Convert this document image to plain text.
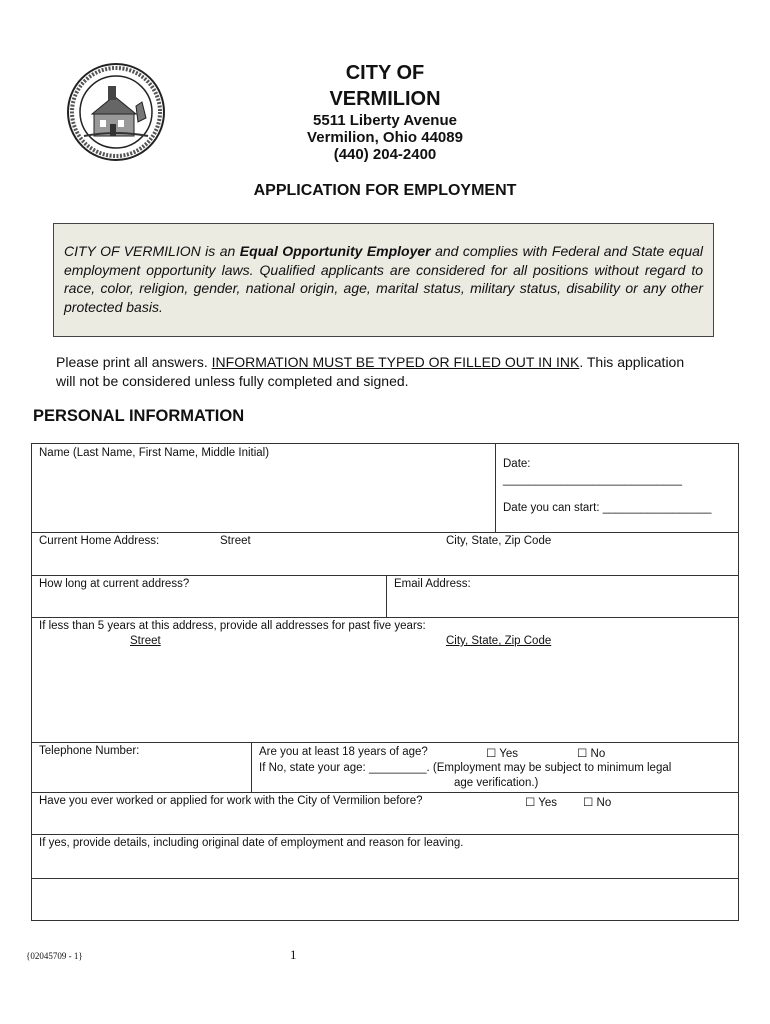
CITY OF
VERMILION
5511 Liberty Avenue
Vermilion, Ohio 44089
(440) 204-2400
APPLICATION FOR EMPLOYMENT
CITY OF VERMILION is an Equal Opportunity Employer and complies with Federal and State equal employment opportunity laws. Qualified applicants are considered for all positions without regard to race, color, religion, gender, national origin, age, marital status, military status, disability or any other protected basis.
Please print all answers. INFORMATION MUST BE TYPED OR FILLED OUT IN INK. This application will not be considered unless fully completed and signed.
PERSONAL INFORMATION
Name (Last Name, First Name, Middle Initial)
Date:
____________________________
Date you can start: _________________
Current Home Address:	Street	City, State, Zip Code
How long at current address?	Email Address:
If less than 5 years at this address, provide all addresses for past five years:
Street	City, State, Zip Code
Telephone Number:	Are you at least 18 years of age?	☐ Yes	☐ No
If No, state your age: _________. (Employment may be subject to minimum legal
age verification.)
Have you ever worked or applied for work with the City of Vermilion before?	☐ Yes ☐ No
If yes, provide details, including original date of employment and reason for leaving.
{02045709 - 1}	1
